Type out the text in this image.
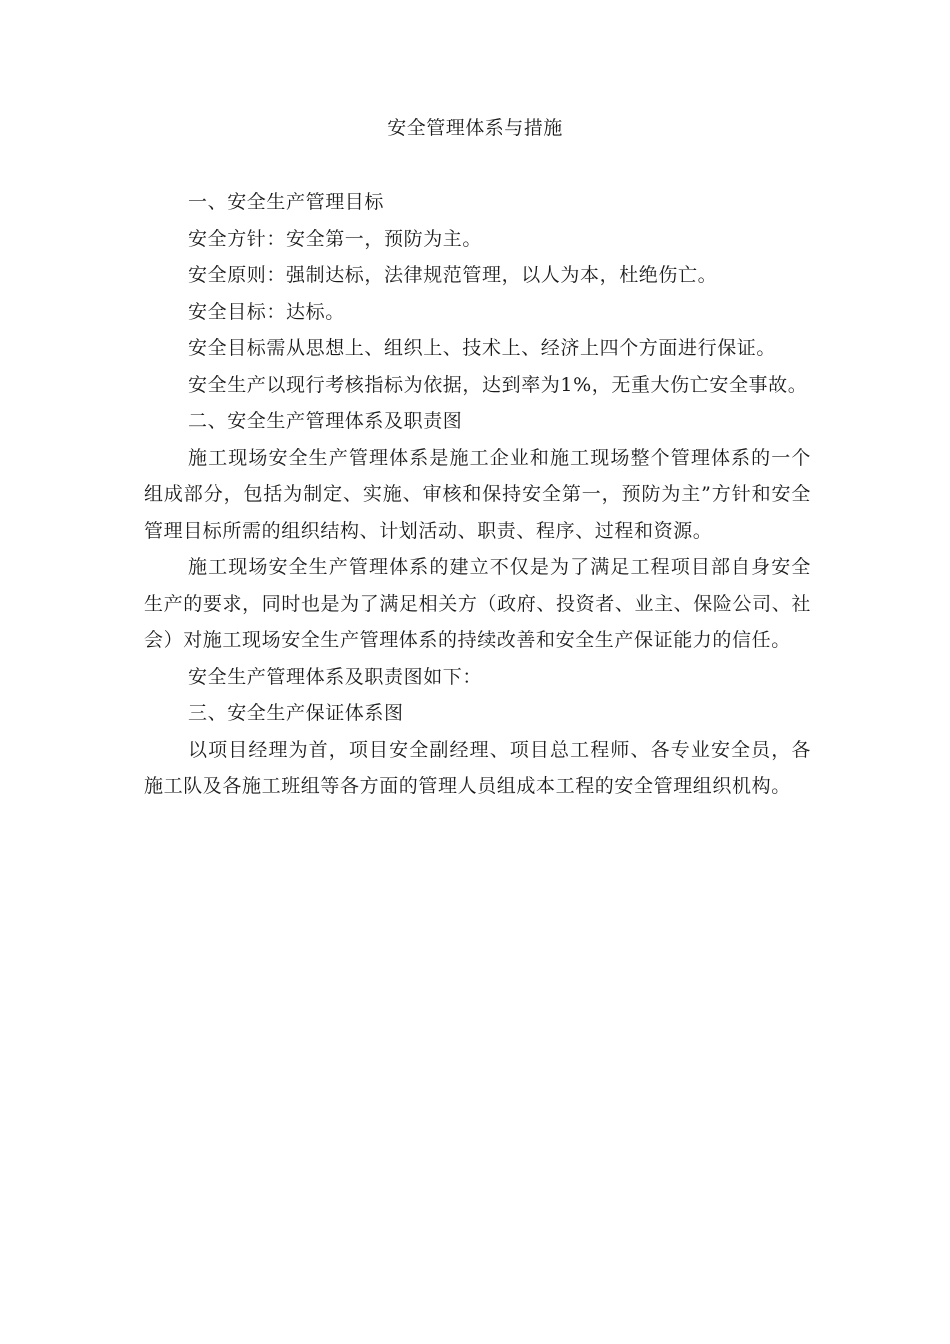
安全管理体系与措施

一、安全生产管理目标

安全方针：安全第一，预防为主。

安全原则：强制达标，法律规范管理，以人为本，杜绝伤亡。

安全目标：达标。

安全目标需从思想上、组织上、技术上、经济上四个方面进行保证。

安全生产以现行考核指标为依据，达到率为1%，无重大伤亡安全事故。

二、安全生产管理体系及职责图

施工现场安全生产管理体系是施工企业和施工现场整个管理体系的一个组成部分，包括为制定、实施、审核和保持安全第一，预防为主”方针和安全管理目标所需的组织结构、计划活动、职责、程序、过程和资源。

施工现场安全生产管理体系的建立不仅是为了满足工程项目部自身安全生产的要求，同时也是为了满足相关方（政府、投资者、业主、保险公司、社会）对施工现场安全生产管理体系的持续改善和安全生产保证能力的信任。

安全生产管理体系及职责图如下：

三、安全生产保证体系图

以项目经理为首，项目安全副经理、项目总工程师、各专业安全员，各施工队及各施工班组等各方面的管理人员组成本工程的安全管理组织机构。
